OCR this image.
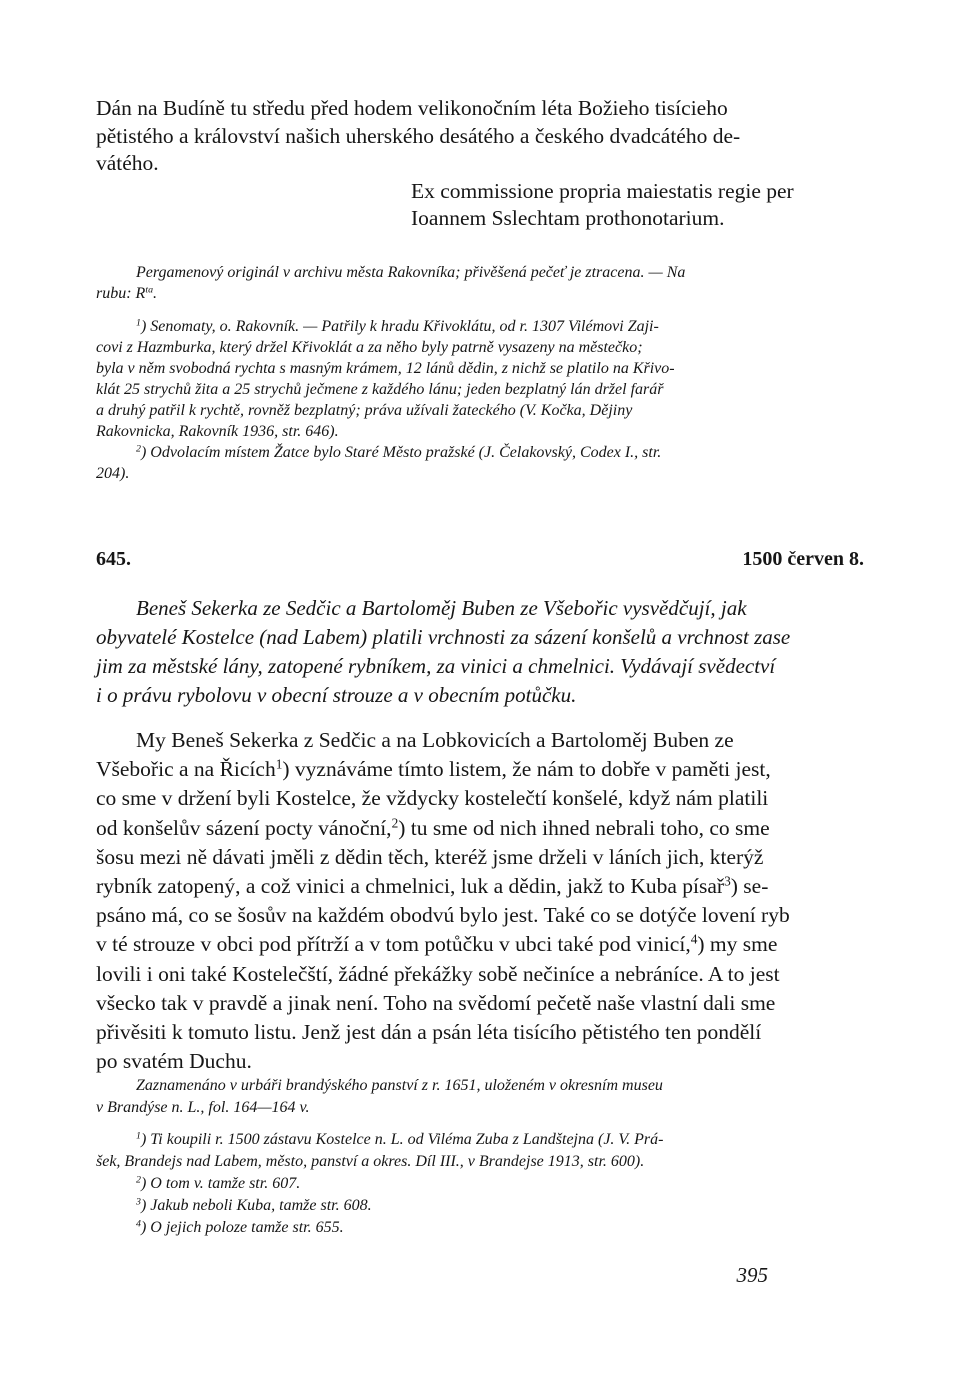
Dán na Budíně tu středu před hodem velikonočním léta Božieho tisícieho
pětistého a království našich uherského desátého a českého dvadcátého de-
vátého.
Ex commissione propria maiestatis regie per
Ioannem Sslechtam prothonotarium.
Pergamenový originál v archivu města Rakovníka; přivěšená pečeť je ztracena. — Na
rubu: $R^{ta}$.
$^1$) Senomaty, o. Rakovník. — Patřily k hradu Křivoklátu, od r. 1307 Vilémovi Zaji-
covi z Hazmburka, který držel Křivoklát a za něho byly patrně vysazeny na městečko;
byla v něm svobodná rychta s masným krámem, 12 lánů dědin, z nichž se platilo na Křivo-
klát 25 strychů žita a 25 strychů ječmene z každého lánu; jeden bezplatný lán držel farář
a druhý patřil k rychtě, rovněž bezplatný; práva užívali žateckého (V. Kočka, Dějiny
Rakovnicka, Rakovník 1936, str. 646).
$^2$) Odvolacím místem Žatce bylo Staré Město pražské (J. Čelakovský, Codex I., str.
204).
645.	1500 červen 8.
Beneš Sekerka ze Sedčic a Bartoloměj Buben ze Všebořic vysvědčují, jak
obyvatelé Kostelce (nad Labem) platili vrchnosti za sázení konšelů a vrchnost zase
jim za městské lány, zatopené rybníkem, za vinici a chmelnici. Vydávají svědectví
i o právu rybolovu v obecní strouze a v obecním potůčku.
My Beneš Sekerka z Sedčic a na Lobkovicích a Bartoloměj Buben ze
Všebořic a na Řicích$^1$) vyznáváme tímto listem, že nám to dobře v paměti jest,
co sme v držení byli Kostelce, že vždycky kostelečtí konšelé, když nám platili
od konšelův sázení pocty vánoční,$^2$) tu sme od nich ihned nebrali toho, co sme
šosu mezi ně dávati jměli z dědin těch, kteréž jsme drželi v láních jich, kterýž
rybník zatopený, a což vinici a chmelnici, luk a dědin, jakž to Kuba písař$^3$) se-
psáno má, co se šosův na každém obodvú bylo jest. Také co se dotýče lovení ryb
v té strouze v obci pod přítrží a v tom potůčku v ubci také pod vinicí,$^4$) my sme
lovili i oni také Kostelečští, žádné překážky sobě nečiníce a nebráníce. A to jest
všecko tak v pravdě a jinak není. Toho na svědomí pečetě naše vlastní dali sme
přivěsiti k tomuto listu. Jenž jest dán a psán léta tisícího pětistého ten pondělí
po svatém Duchu.
Zaznamenáno v urbáři brandýského panství z r. 1651, uloženém v okresním museu
v Brandýse n. L., fol. 164—164 v.
$^1$) Ti koupili r. 1500 zástavu Kostelce n. L. od Viléma Zuba z Landštejna (J. V. Prá-
šek, Brandejs nad Labem, město, panství a okres. Díl III., v Brandejse 1913, str. 600).
$^2$) O tom v. tamže str. 607.
$^3$) Jakub neboli Kuba, tamže str. 608.
$^4$) O jejich poloze tamže str. 655.
395
